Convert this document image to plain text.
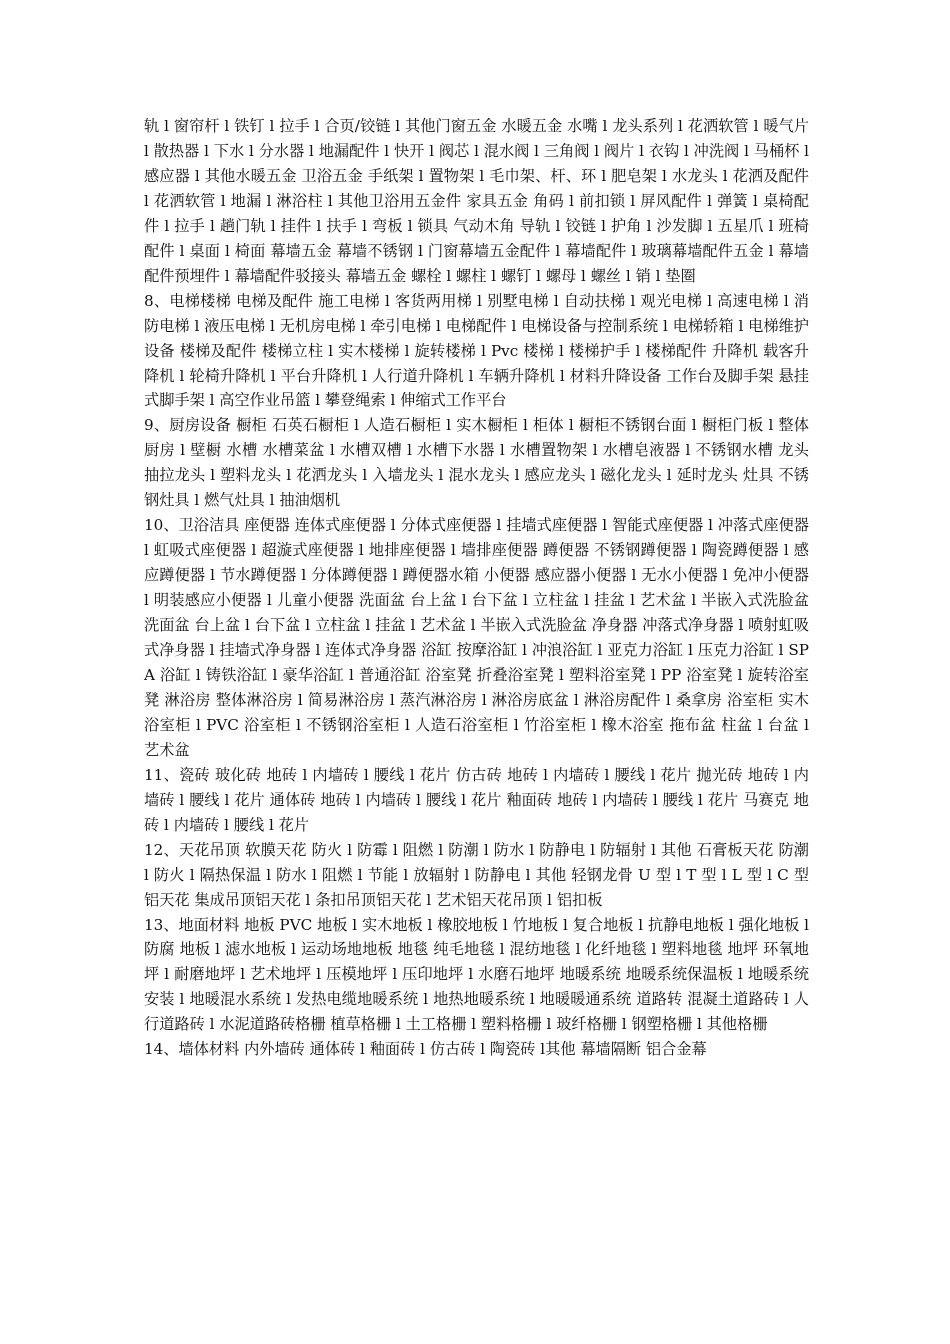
轨 l 窗帘杆 l 铁钉 l 拉手 l 合页/铰链 l 其他门窗五金 水暖五金 水嘴 l 龙头系列 l 花洒软管 l 暖气片 l 散热器 l 下水 l 分水器 l 地漏配件 l 快开 l 阀芯 l 混水阀 l 三角阀 l 阀片 l 衣钩 l 冲洗阀 l 马桶杯 l 感应器 l 其他水暖五金 卫浴五金 手纸架 l 置物架 l 毛巾架、杆、环 l 肥皂架 l 水龙头 l 花洒及配件 l 花洒软管 l 地漏 l 淋浴柱 l 其他卫浴用五金件 家具五金 角码 l 前扣锁 l 屏风配件 l 弹簧 l 桌椅配件 l 拉手 l 趟门轨 l 挂件 l 扶手 l 弯板 l 锁具 气动木角 导轨 l 铰链 l 护角 l 沙发脚 l 五星爪 l 班椅配件 l 桌面 l 椅面 幕墙五金 幕墙不锈钢 l 门窗幕墙五金配件 l 幕墙配件 l 玻璃幕墙配件五金 l 幕墙配件预埋件 l 幕墙配件驳接头 幕墙五金 螺栓 l 螺柱 l 螺钉 l 螺母 l 螺丝 l 销 l 垫圈

8、电梯楼梯 电梯及配件 施工电梯 l 客货两用梯 l 别墅电梯 l 自动扶梯 l 观光电梯 l 高速电梯 l 消防电梯 l 液压电梯 l 无机房电梯 l 牵引电梯 l 电梯配件 l 电梯设备与控制系统 l 电梯轿箱 l 电梯维护设备 楼梯及配件 楼梯立柱 l 实木楼梯 l 旋转楼梯 l Pvc 楼梯 l 楼梯护手 l 楼梯配件 升降机 载客升降机 l 轮椅升降机 l 平台升降机 l 人行道升降机 l 车辆升降机 l 材料升降设备 工作台及脚手架 悬挂式脚手架 l 高空作业吊篮 l 攀登绳索 l 伸缩式工作平台

9、厨房设备 橱柜 石英石橱柜 l 人造石橱柜 l 实木橱柜 l 柜体 l 橱柜不锈钢台面 l 橱柜门板 l 整体厨房 l 壁橱 水槽 水槽菜盆 l 水槽双槽 l 水槽下水器 l 水槽置物架 l 水槽皂液器 l 不锈钢水槽 龙头 抽拉龙头 l 塑料龙头 l 花洒龙头 l 入墙龙头 l 混水龙头 l 感应龙头 l 磁化龙头 l 延时龙头 灶具 不锈钢灶具 l 燃气灶具 l 抽油烟机

10、卫浴洁具 座便器 连体式座便器 l 分体式座便器 l 挂墙式座便器 l 智能式座便器 l 冲落式座便器 l 虹吸式座便器 l 超漩式座便器 l 地排座便器 l 墙排座便器 蹲便器 不锈钢蹲便器 l 陶瓷蹲便器 l 感应蹲便器 l 节水蹲便器 l 分体蹲便器 l 蹲便器水箱 小便器 感应器小便器 l 无水小便器 l 免冲小便器 l 明装感应小便器 l 儿童小便器 洗面盆 台上盆 l 台下盆 l 立柱盆 l 挂盆 l 艺术盆 l 半嵌入式洗脸盆 洗面盆 台上盆 l 台下盆 l 立柱盆 l 挂盆 l 艺术盆 l 半嵌入式洗脸盆 净身器 冲落式净身器 l 喷射虹吸式净身器 l 挂墙式净身器 l 连体式净身器 浴缸 按摩浴缸 l 冲浪浴缸 l 亚克力浴缸 l 压克力浴缸 l SPA 浴缸 l 铸铁浴缸 l 豪华浴缸 l 普通浴缸 浴室凳 折叠浴室凳 l 塑料浴室凳 l PP 浴室凳 l 旋转浴室凳 淋浴房 整体淋浴房 l 简易淋浴房 l 蒸汽淋浴房 l 淋浴房底盆 l 淋浴房配件 l 桑拿房 浴室柜 实木浴室柜 l PVC 浴室柜 l 不锈钢浴室柜 l 人造石浴室柜 l 竹浴室柜 l 橡木浴室 拖布盆 柱盆 l 台盆 l 艺术盆

11、瓷砖 玻化砖 地砖 l 内墙砖 l 腰线 l 花片 仿古砖 地砖 l 内墙砖 l 腰线 l 花片 抛光砖 地砖 l 内墙砖 l 腰线 l 花片 通体砖 地砖 l 内墙砖 l 腰线 l 花片 釉面砖 地砖 l 内墙砖 l 腰线 l 花片 马赛克 地砖 l 内墙砖 l 腰线 l 花片

12、天花吊顶 软膜天花 防火 l 防霉 l 阻燃 l 防潮 l 防水 l 防静电 l 防辐射 l 其他 石膏板天花 防潮 l 防火 l 隔热保温 l 防水 l 阻燃 l 节能 l 放辐射 l 防静电 l 其他 轻钢龙骨 U 型 l T 型 l L 型 l C 型 铝天花 集成吊顶铝天花 l 条扣吊顶铝天花 l 艺术铝天花吊顶 l 铝扣板

13、地面材料 地板 PVC 地板 l 实木地板 l 橡胶地板 l 竹地板 l 复合地板 l 抗静电地板 l 强化地板 l 防腐 地板 l 滤水地板 l 运动场地地板 地毯 纯毛地毯 l 混纺地毯 l 化纤地毯 l 塑料地毯 地坪 环氧地坪 l 耐磨地坪 l 艺术地坪 l 压模地坪 l 压印地坪 l 水磨石地坪 地暖系统 地暖系统保温板 l 地暖系统安装 l 地暖混水系统 l 发热电缆地暖系统 l 地热地暖系统 l 地暖暖通系统 道路转 混凝土道路砖 l 人行道路砖 l 水泥道路砖格栅 植草格栅 l 土工格栅 l 塑料格栅 l 玻纤格栅 l 钢塑格栅 l 其他格栅

14、墙体材料 内外墙砖 通体砖 l 釉面砖 l 仿古砖 l 陶瓷砖 l其他 幕墙隔断 铝合金幕
